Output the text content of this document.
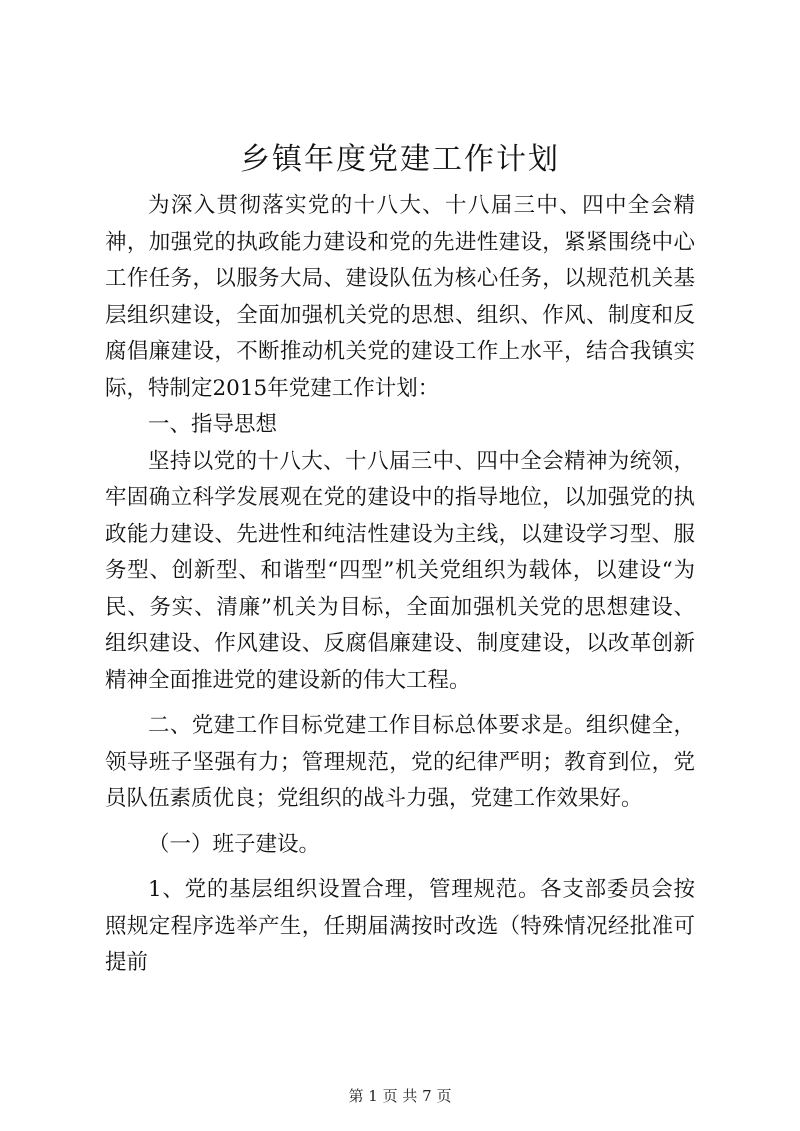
乡镇年度党建工作计划

为深入贯彻落实党的十八大、十八届三中、四中全会精神，加强党的执政能力建设和党的先进性建设，紧紧围绕中心工作任务，以服务大局、建设队伍为核心任务，以规范机关基层组织建设，全面加强机关党的思想、组织、作风、制度和反腐倡廉建设，不断推动机关党的建设工作上水平，结合我镇实际，特制定2015年党建工作计划：

一、指导思想

坚持以党的十八大、十八届三中、四中全会精神为统领，牢固确立科学发展观在党的建设中的指导地位，以加强党的执政能力建设、先进性和纯洁性建设为主线，以建设学习型、服务型、创新型、和谐型“四型”机关党组织为载体，以建设“为民、务实、清廉”机关为目标，全面加强机关党的思想建设、组织建设、作风建设、反腐倡廉建设、制度建设，以改革创新精神全面推进党的建设新的伟大工程。

二、党建工作目标党建工作目标总体要求是。组织健全，领导班子坚强有力；管理规范，党的纪律严明；教育到位，党员队伍素质优良；党组织的战斗力强，党建工作效果好。

（一）班子建设。

1、党的基层组织设置合理，管理规范。各支部委员会按照规定程序选举产生，任期届满按时改选（特殊情况经批准可提前

第 1 页 共 7 页
